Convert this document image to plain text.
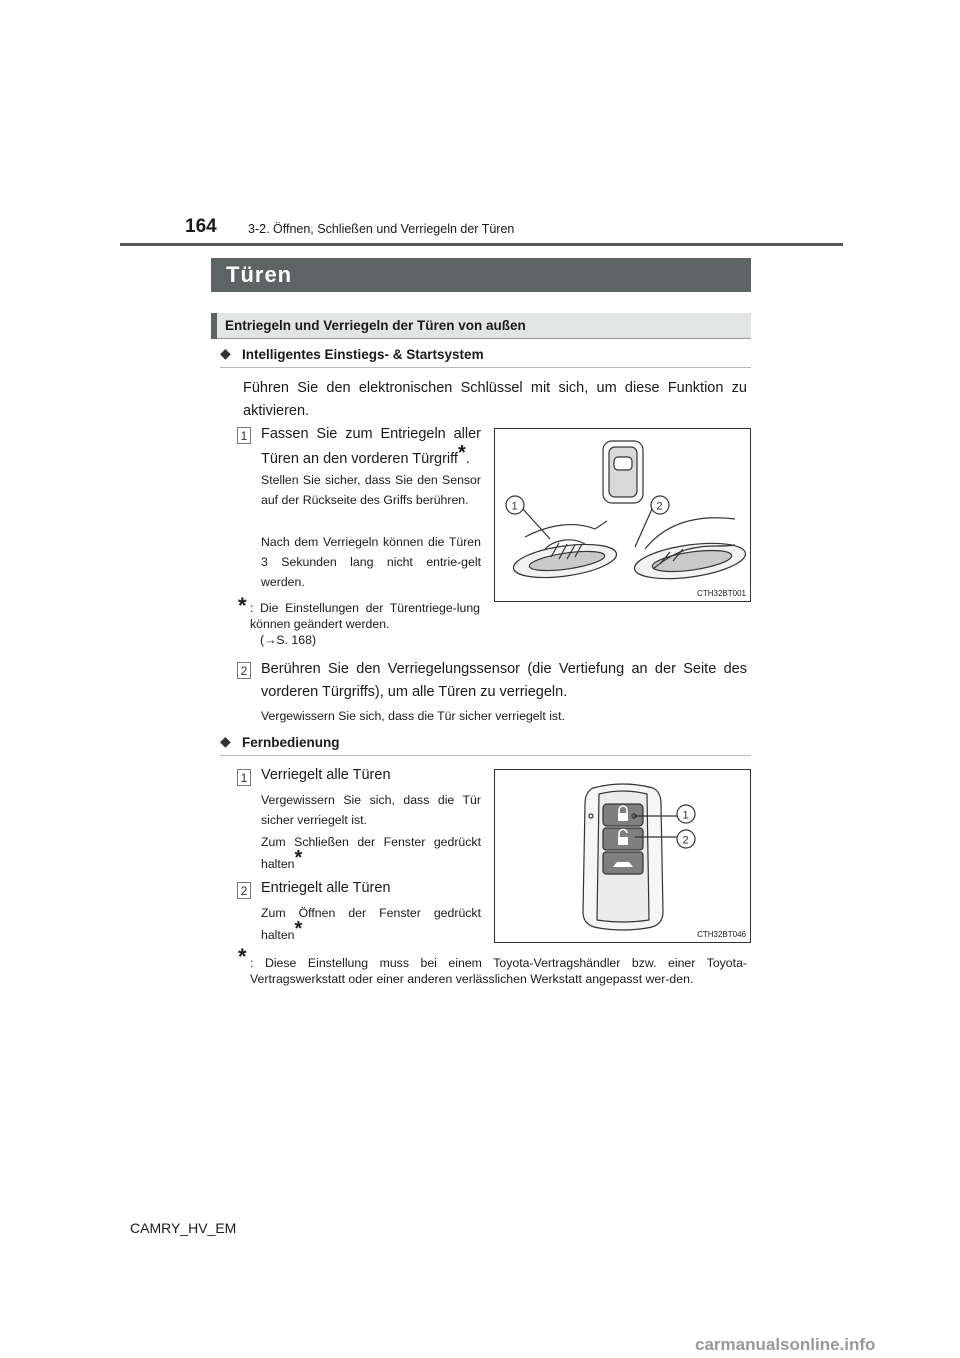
164	3-2. Öffnen, Schließen und Verriegeln der Türen
Türen
Entriegeln und Verriegeln der Türen von außen
◆ Intelligentes Einstiegs- & Startsystem
Führen Sie den elektronischen Schlüssel mit sich, um diese Funktion zu aktivieren.
1 Fassen Sie zum Entriegeln aller Türen an den vorderen Türgriff*.
Stellen Sie sicher, dass Sie den Sensor auf der Rückseite des Griffs berühren.
Nach dem Verriegeln können die Türen 3 Sekunden lang nicht entrie-gelt werden.
* : Die Einstellungen der Türentriege-lung können geändert werden.
(→S. 168)
1	2
CTH32BT001
2 Berühren Sie den Verriegelungssensor (die Vertiefung an der Seite des vorderen Türgriffs), um alle Türen zu verriegeln.
Vergewissern Sie sich, dass die Tür sicher verriegelt ist.
◆ Fernbedienung
1 Verriegelt alle Türen
Vergewissern Sie sich, dass die Tür sicher verriegelt ist.
Zum Schließen der Fenster gedrückt halten*
2 Entriegelt alle Türen
Zum Öffnen der Fenster gedrückt halten*
* : Diese Einstellung muss bei einem Toyota-Vertragshändler bzw. einer Toyota-Vertragswerkstatt oder einer anderen verlässlichen Werkstatt angepasst wer-den.
1
2
CTH32BT046
CAMRY_HV_EM
carmanualsonline.info
